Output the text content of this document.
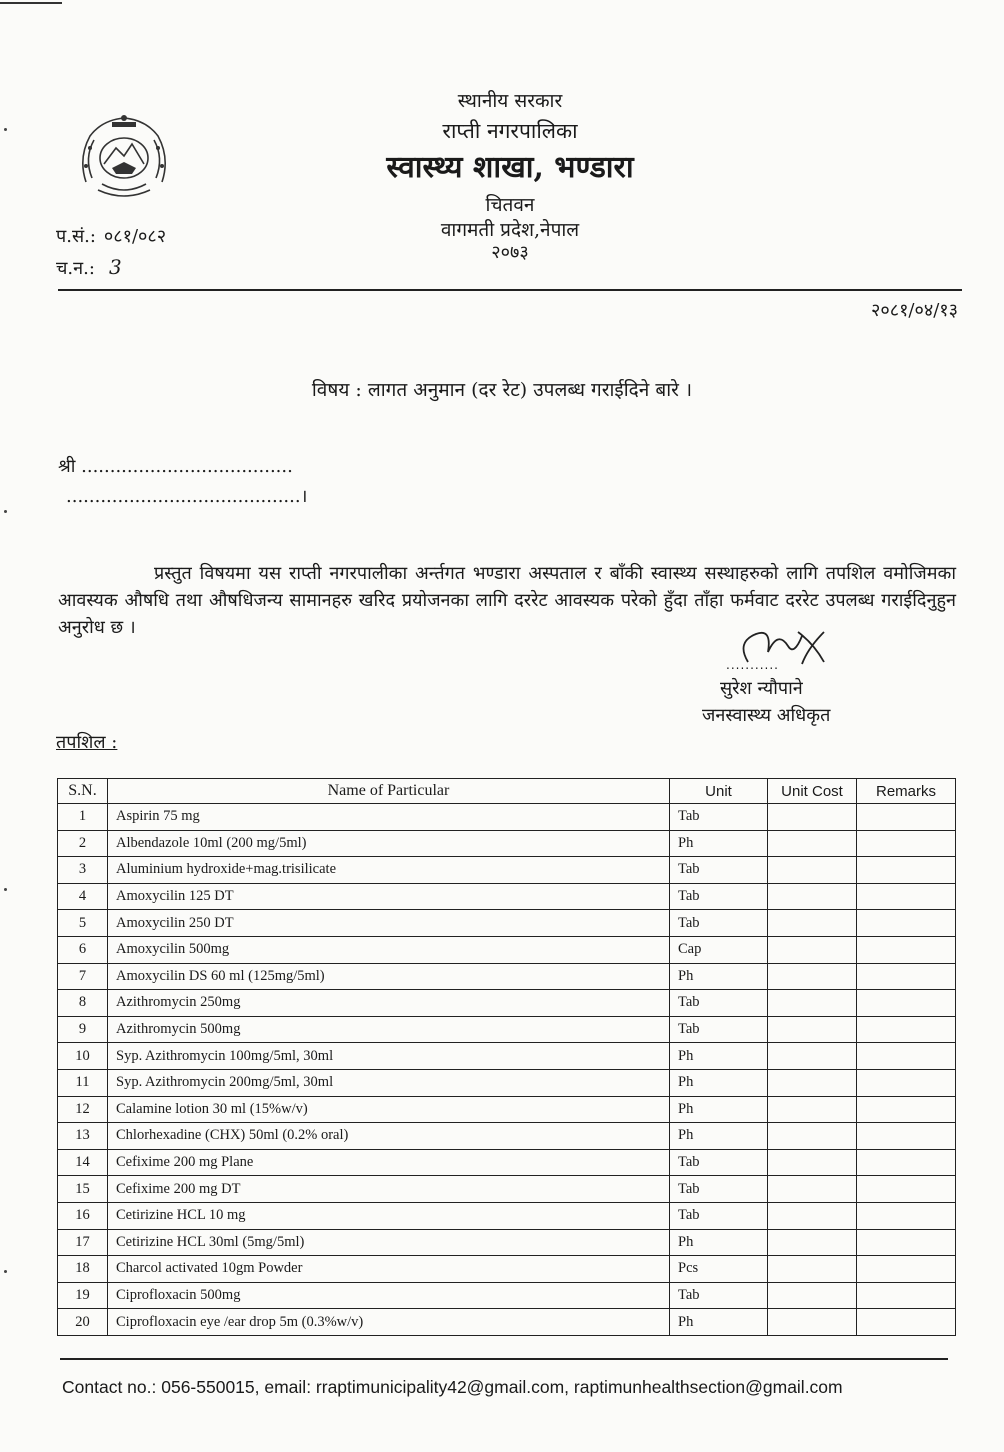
स्थानीय सरकार
राप्ती नगरपालिका
स्वास्थ्य शाखा, भण्डारा
चितवन
वागमती प्रदेश,नेपाल
२०७३
प.सं.: ०८१/०८२
च.न.: 3
२०८१/०४/१३
विषय : लागत अनुमान (दर रेट) उपलब्ध गराईदिने बारे ।
श्री .....................................
.........................................।
प्रस्तुत विषयमा यस राप्ती नगरपालीका अर्न्तगत भण्डारा अस्पताल र बाँकी स्वास्थ्य सस्थाहरुको लागि तपशिल वमोजिमका आवस्यक औषधि तथा औषधिजन्य सामानहरु खरिद प्रयोजनका लागि दररेट आवस्यक परेको हुँदा ताँहा फर्मवाट दररेट उपलब्ध गराईदिनुहुन अनुरोध छ ।
...........
सुरेश न्यौपाने
जनस्वास्थ्य अधिकृत
तपशिल :
S.N.	Name of Particular	Unit	Unit Cost	Remarks
1	Aspirin 75 mg	Tab		
2	Albendazole 10ml (200 mg/5ml)	Ph		
3	Aluminium hydroxide+mag.trisilicate	Tab		
4	Amoxycilin 125 DT	Tab		
5	Amoxycilin 250 DT	Tab		
6	Amoxycilin 500mg	Cap		
7	Amoxycilin DS 60 ml (125mg/5ml)	Ph		
8	Azithromycin 250mg	Tab		
9	Azithromycin 500mg	Tab		
10	Syp. Azithromycin 100mg/5ml, 30ml	Ph		
11	Syp. Azithromycin 200mg/5ml, 30ml	Ph		
12	Calamine lotion 30 ml (15%w/v)	Ph		
13	Chlorhexadine (CHX) 50ml (0.2% oral)	Ph		
14	Cefixime 200 mg Plane	Tab		
15	Cefixime 200 mg DT	Tab		
16	Cetirizine HCL 10 mg	Tab		
17	Cetirizine HCL 30ml (5mg/5ml)	Ph		
18	Charcol activated 10gm Powder	Pcs		
19	Ciprofloxacin 500mg	Tab		
20	Ciprofloxacin eye /ear drop 5m (0.3%w/v)	Ph		
Contact no.: 056-550015, email: rraptimunicipality42@gmail.com, raptimunhealthsection@gmail.com
